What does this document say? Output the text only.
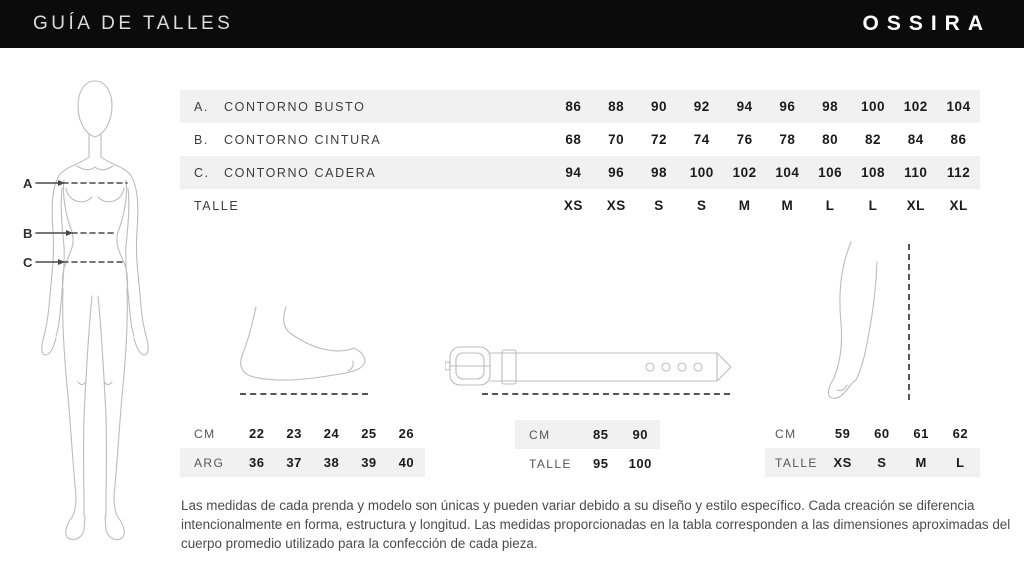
GUÍA DE TALLES	OSSIRA
A
B
C
A.	CONTORNO BUSTO	86	88	90	92	94	96	98	100	102	104
B.	CONTORNO CINTURA	68	70	72	74	76	78	80	82	84	86
C.	CONTORNO CADERA	94	96	98	100	102	104	106	108	110	112
TALLE	XS	XS	S	S	M	M	L	L	XL	XL
CM	22	23	24	25	26
ARG	36	37	38	39	40
CM	85	90
TALLE	95	100
CM	59	60	61	62
TALLE	XS	S	M	L

Las medidas de cada prenda y modelo son únicas y pueden variar debido a su diseño y estilo específico. Cada creación se diferencia intencionalmente en forma, estructura y longitud. Las medidas proporcionadas en la tabla corresponden a las dimensiones aproximadas del cuerpo promedio utilizado para la confección de cada pieza.
